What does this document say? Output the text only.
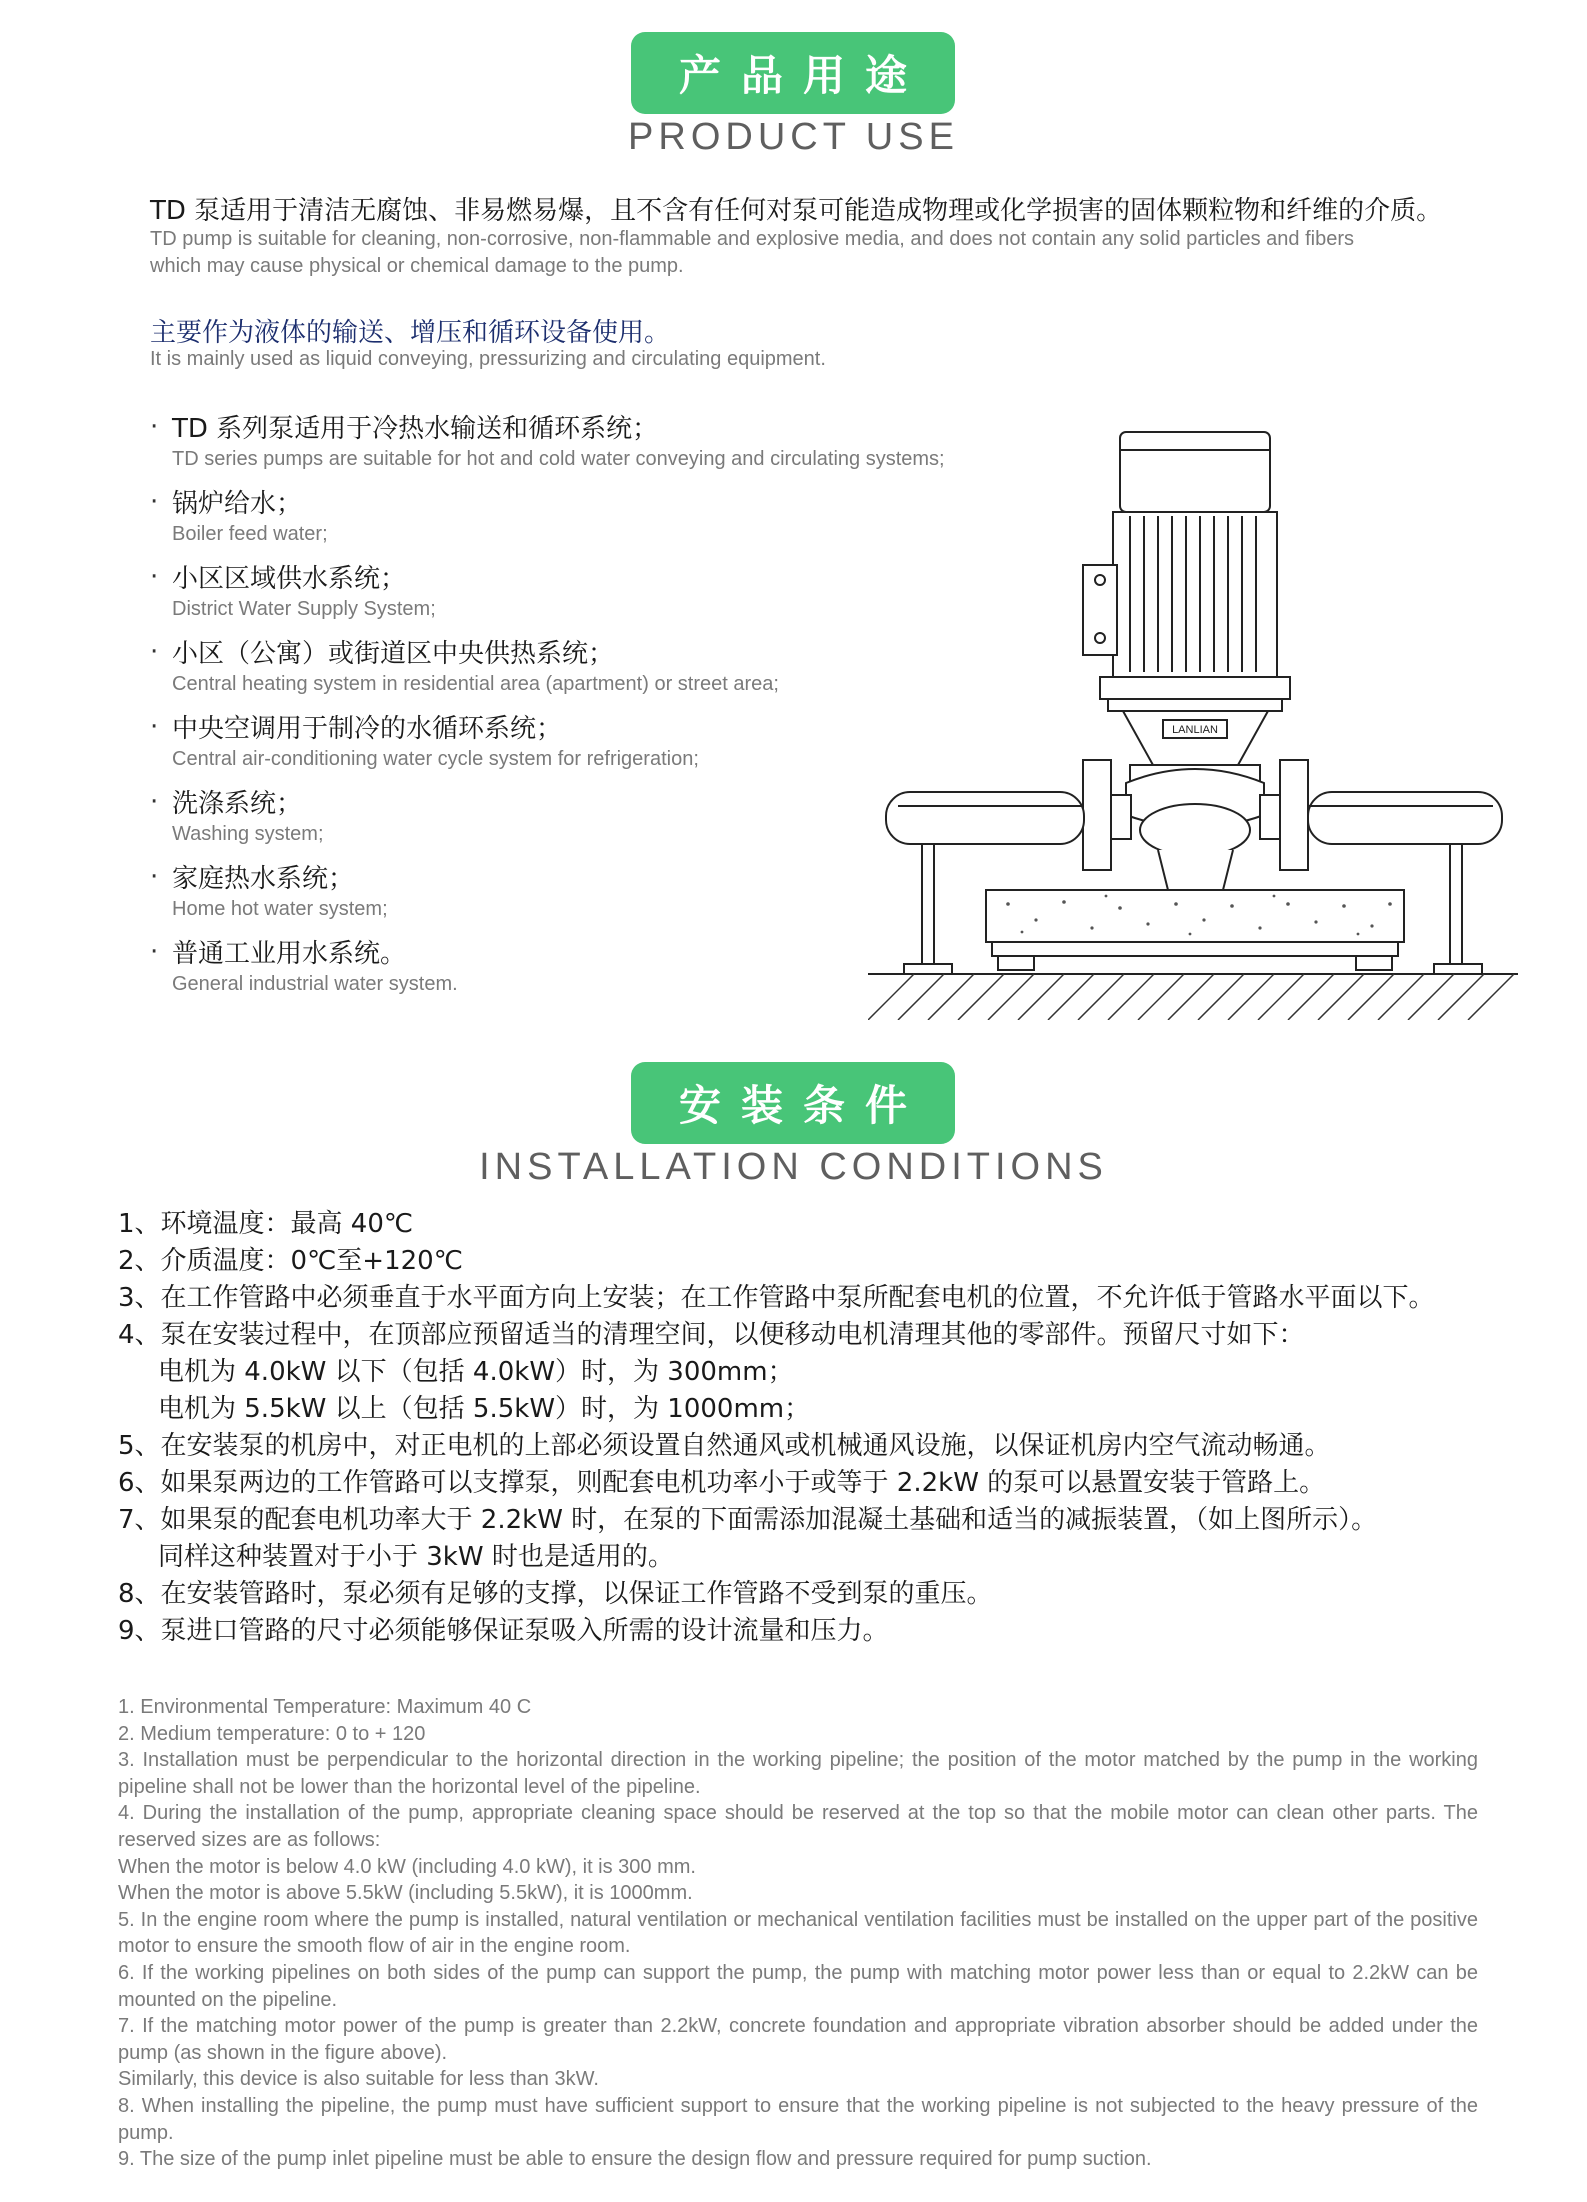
产品用途
PRODUCT USE
TD 泵适用于清洁无腐蚀、非易燃易爆，且不含有任何对泵可能造成物理或化学损害的固体颗粒物和纤维的介质。
TD pump is suitable for cleaning, non-corrosive, non-flammable and explosive media, and does not contain any solid particles and fibers
which may cause physical or chemical damage to the pump.
主要作为液体的输送、增压和循环设备使用。
It is mainly used as liquid conveying, pressurizing and circulating equipment.
· TD 系列泵适用于冷热水输送和循环系统；
TD series pumps are suitable for hot and cold water conveying and circulating systems;
· 锅炉给水；
Boiler feed water;
· 小区区域供水系统；
District Water Supply System;
· 小区（公寓）或街道区中央供热系统；
Central heating system in residential area (apartment) or street area;
· 中央空调用于制冷的水循环系统；
Central air-conditioning water cycle system for refrigeration;
· 洗涤系统；
Washing system;
· 家庭热水系统；
Home hot water system;
· 普通工业用水系统。
General industrial water system.
LANLIAN
安装条件
INSTALLATION CONDITIONS
1、环境温度：最高 40℃
2、介质温度：0℃至+120℃
3、在工作管路中必须垂直于水平面方向上安装；在工作管路中泵所配套电机的位置，不允许低于管路水平面以下。
4、泵在安装过程中，在顶部应预留适当的清理空间，以便移动电机清理其他的零部件。预留尺寸如下：
电机为 4.0kW 以下（包括 4.0kW）时，为 300mm；
电机为 5.5kW 以上（包括 5.5kW）时，为 1000mm；
5、在安装泵的机房中，对正电机的上部必须设置自然通风或机械通风设施，以保证机房内空气流动畅通。
6、如果泵两边的工作管路可以支撑泵，则配套电机功率小于或等于 2.2kW 的泵可以悬置安装于管路上。
7、如果泵的配套电机功率大于 2.2kW 时，在泵的下面需添加混凝土基础和适当的减振装置，（如上图所示）。
同样这种装置对于小于 3kW 时也是适用的。
8、在安装管路时，泵必须有足够的支撑，以保证工作管路不受到泵的重压。
9、泵进口管路的尺寸必须能够保证泵吸入所需的设计流量和压力。
1. Environmental Temperature: Maximum 40 C
2. Medium temperature: 0 to + 120
3. Installation must be perpendicular to the horizontal direction in the working pipeline; the position of the motor matched by the pump in the working pipeline shall not be lower than the horizontal level of the pipeline.
4. During the installation of the pump, appropriate cleaning space should be reserved at the top so that the mobile motor can clean other parts. The reserved sizes are as follows:
When the motor is below 4.0 kW (including 4.0 kW), it is 300 mm.
When the motor is above 5.5kW (including 5.5kW), it is 1000mm.
5. In the engine room where the pump is installed, natural ventilation or mechanical ventilation facilities must be installed on the upper part of the positive motor to ensure the smooth flow of air in the engine room.
6. If the working pipelines on both sides of the pump can support the pump, the pump with matching motor power less than or equal to 2.2kW can be mounted on the pipeline.
7. If the matching motor power of the pump is greater than 2.2kW, concrete foundation and appropriate vibration absorber should be added under the pump (as shown in the figure above).
Similarly, this device is also suitable for less than 3kW.
8. When installing the pipeline, the pump must have sufficient support to ensure that the working pipeline is not subjected to the heavy pressure of the pump.
9. The size of the pump inlet pipeline must be able to ensure the design flow and pressure required for pump suction.
